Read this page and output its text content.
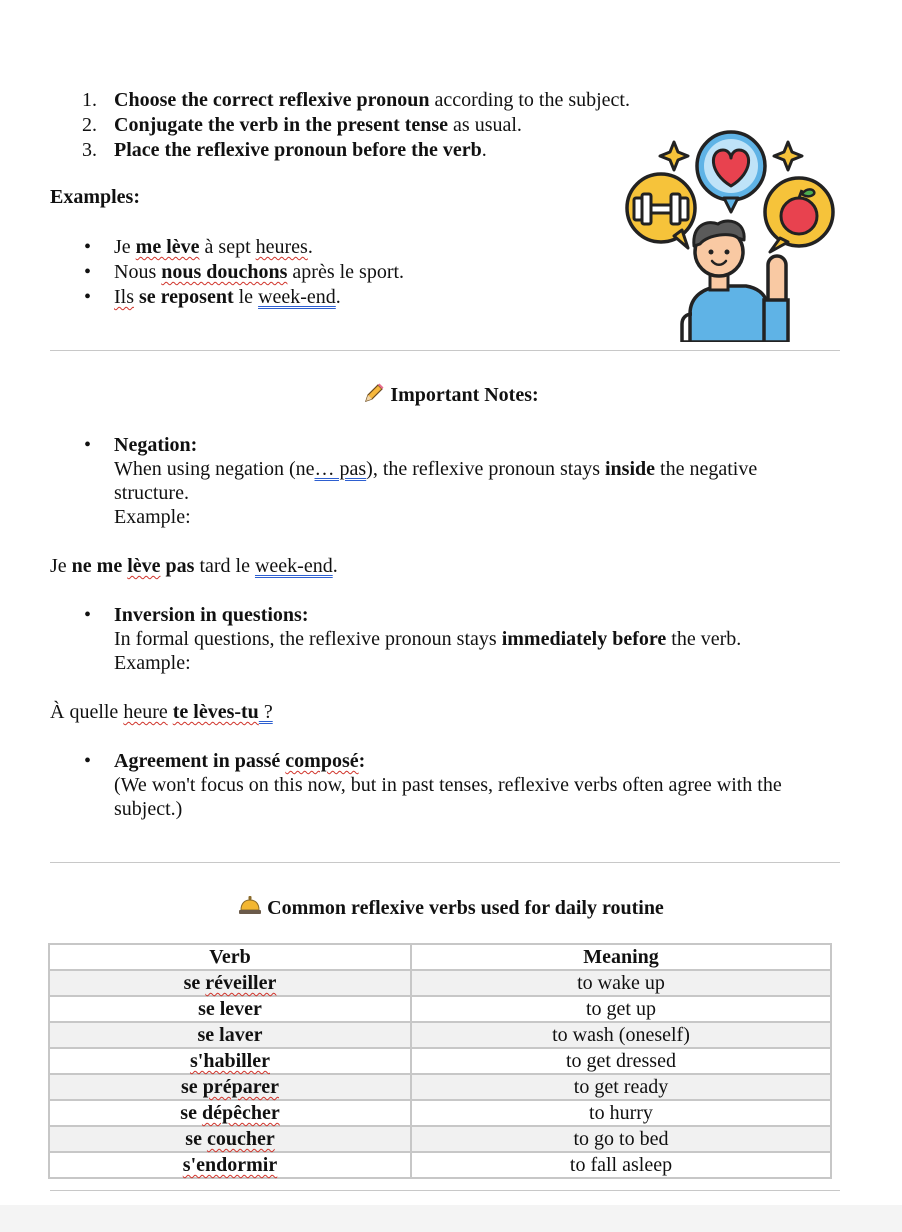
1. Choose the correct reflexive pronoun according to the subject.
2. Conjugate the verb in the present tense as usual.
3. Place the reflexive pronoun before the verb.
Examples:
•	Je me lève à sept heures.
•	Nous nous douchons après le sport.
•	Ils se reposent le week-end.
Important Notes:
•	Negation:
When using negation (ne… pas), the reflexive pronoun stays inside the negative structure.
Example:
Je ne me lève pas tard le week-end.
•	Inversion in questions:
In formal questions, the reflexive pronoun stays immediately before the verb.
Example:
À quelle heure te lèves-tu ?
•	Agreement in passé composé:
(We won't focus on this now, but in past tenses, reflexive verbs often agree with the subject.)
Common reflexive verbs used for daily routine
Verb	Meaning
se réveiller	to wake up
se lever	to get up
se laver	to wash (oneself)
s'habiller	to get dressed
se préparer	to get ready
se dépêcher	to hurry
se coucher	to go to bed
s'endormir	to fall asleep
